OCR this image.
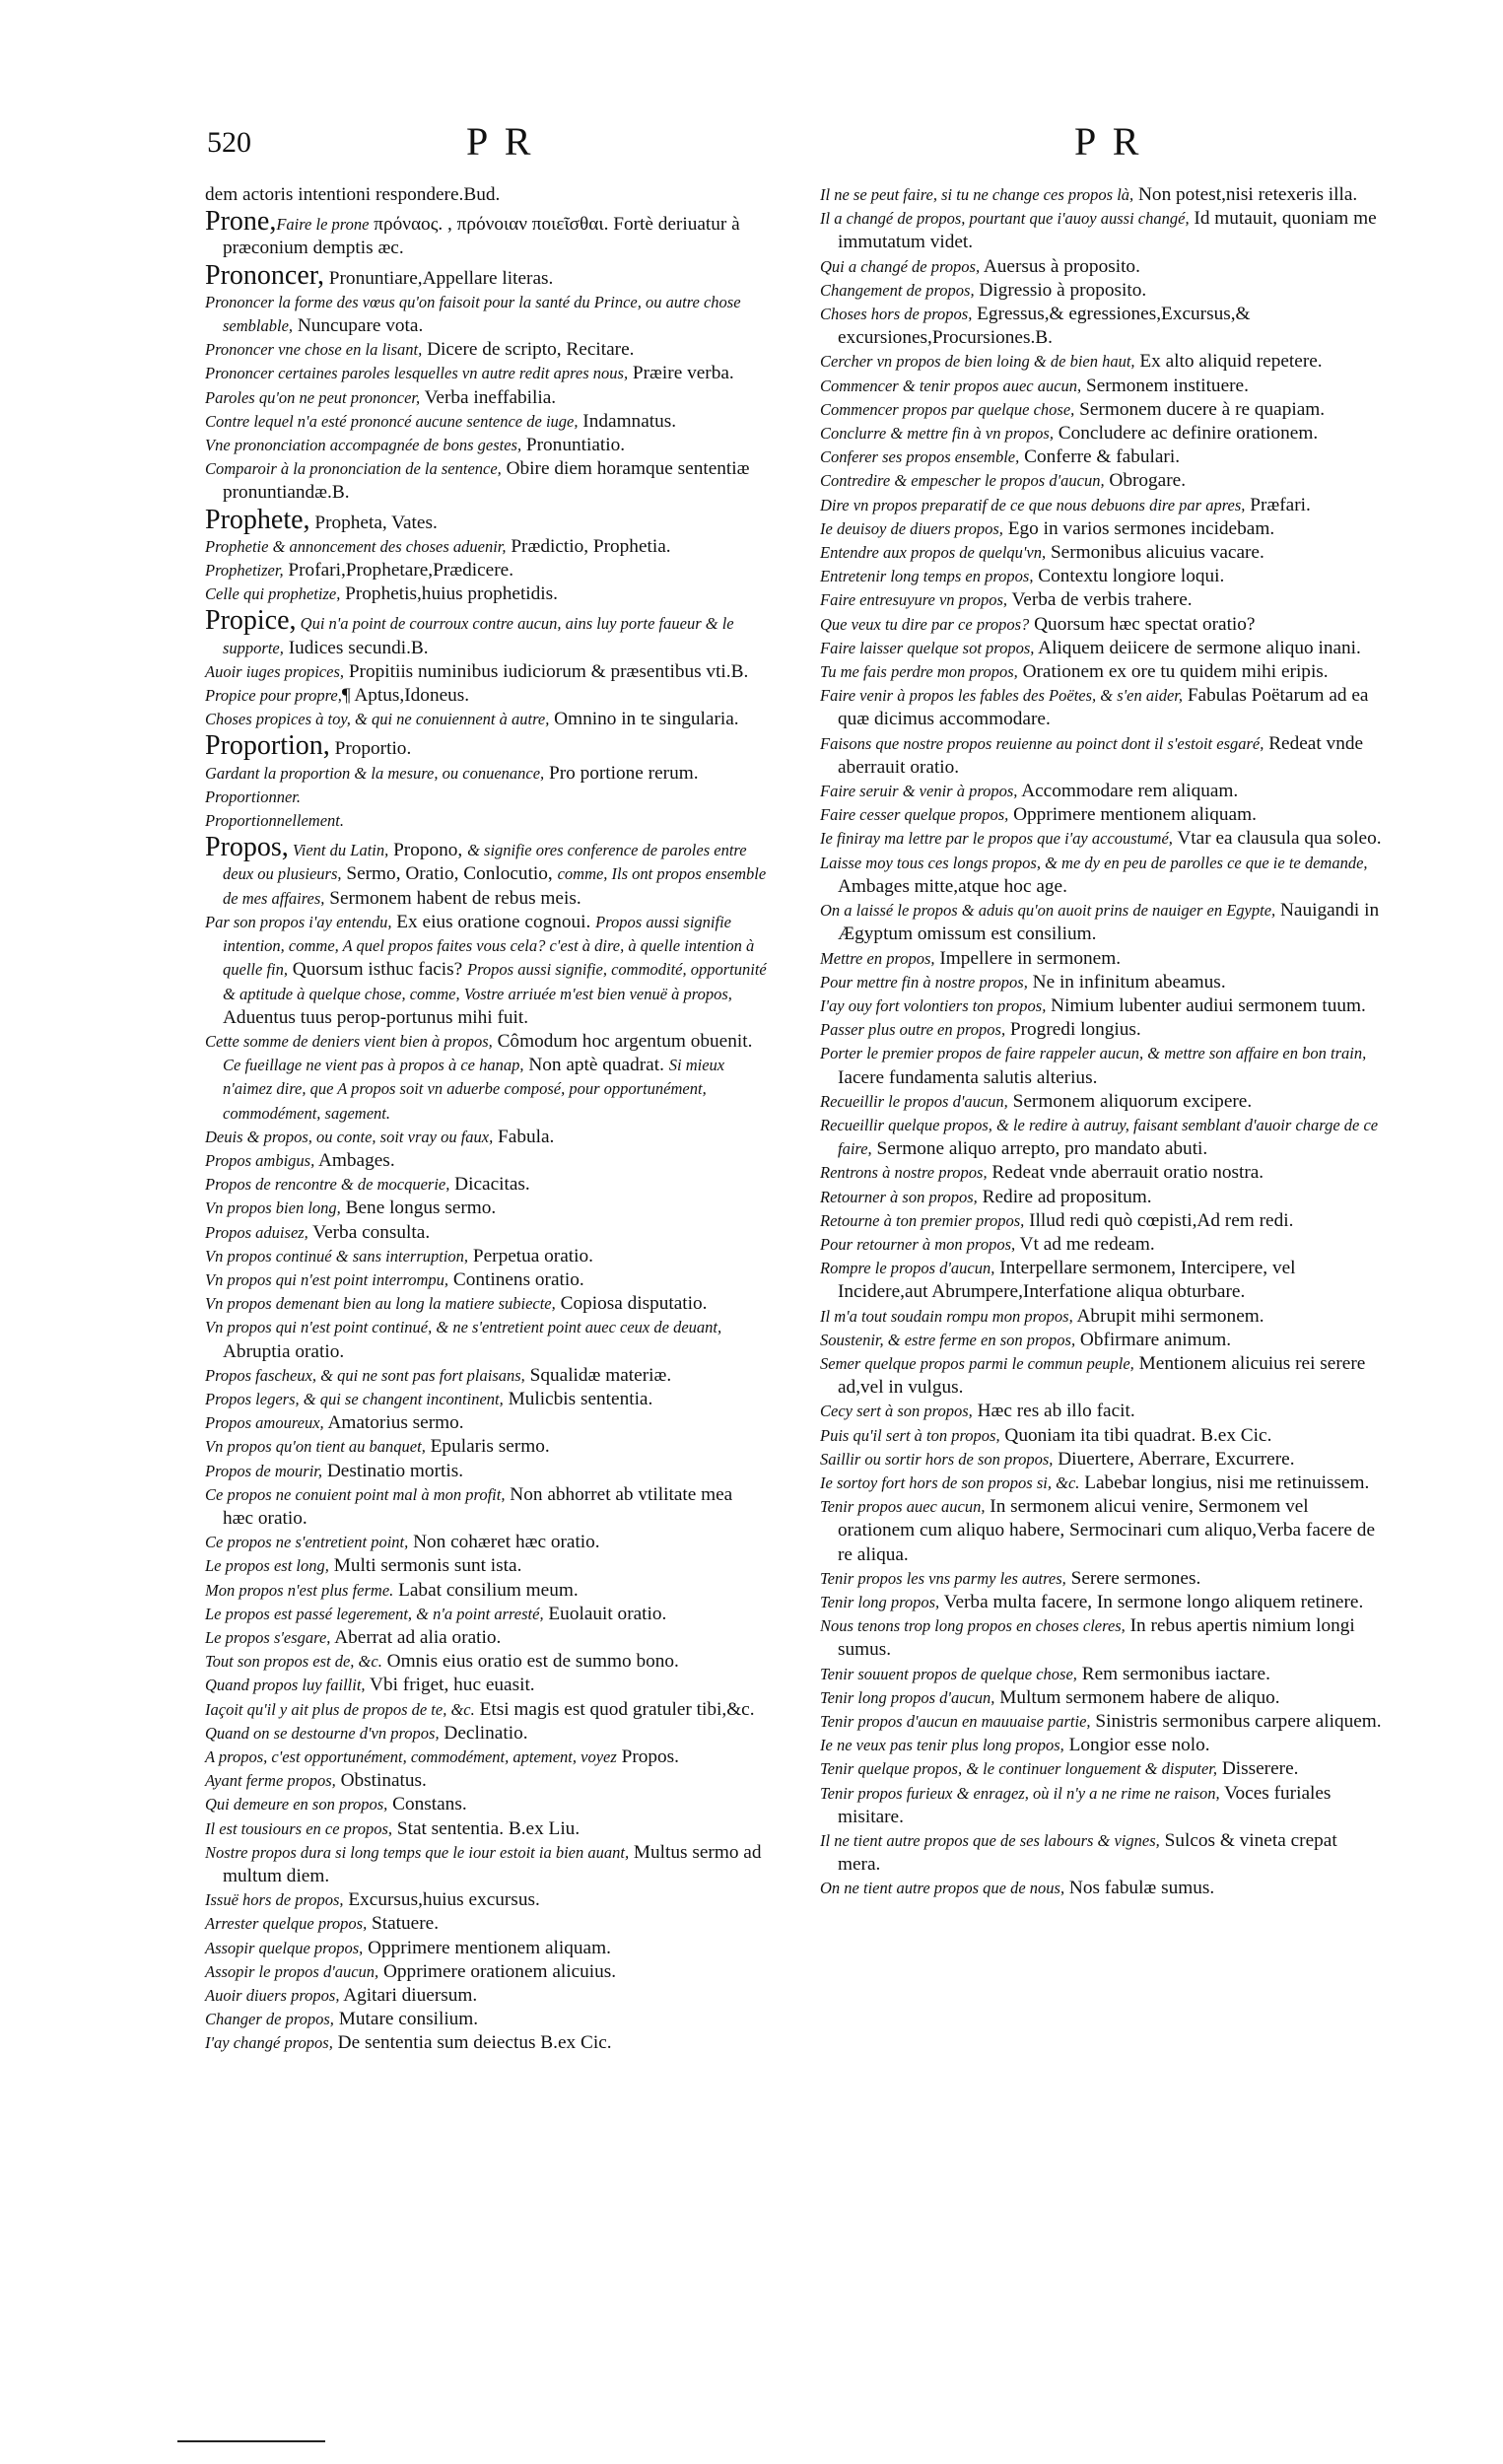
520	P R	P R
dem actoris intentioni respondere.Bud.
Prone,Faire le prone πρόναος. , πρόνοιαν ποιεῖσθαι. Fortè deriuatur à præconium demptis æc.
Prononcer, Pronuntiare,Appellare literas.
Prononcer la forme des vœus qu'on faisoit pour la santé du Prince, ou autre chose semblable, Nuncupare vota.
Prononcer vne chose en la lisant, Dicere de scripto, Recitare.
Prononcer certaines paroles lesquelles vn autre redit apres nous, Præire verba.
Paroles qu'on ne peut prononcer, Verba ineffabilia.
Contre lequel n'a esté prononcé aucune sentence de iuge, Indamnatus.
Vne prononciation accompagnée de bons gestes, Pronuntiatio.
Comparoir à la prononciation de la sentence, Obire diem horamque sententiæ pronuntiandæ.B.
Prophete, Propheta, Vates.
Prophetie & annoncement des choses aduenir, Prædictio, Prophetia.
Prophetizer, Profari,Prophetare,Prædicere.
Celle qui prophetize, Prophetis,huius prophetidis.
Propice, Qui n'a point de courroux contre aucun, ains luy porte faueur & le supporte, Iudices secundi.B.
Auoir iuges propices, Propitiis numinibus iudiciorum & præsentibus vti.B.
Propice pour propre,¶ Aptus,Idoneus.
Choses propices à toy, & qui ne conuiennent à autre, Omnino in te singularia.
Proportion, Proportio.
Gardant la proportion & la mesure, ou conuenance, Pro portione rerum.
Proportionner.
Proportionnellement.
Propos, Vient du Latin, Propono, & signifie ores conference de paroles entre deux ou plusieurs, Sermo, Oratio, Conlocutio, comme, Ils ont propos ensemble de mes affaires, Sermonem habent de rebus meis.
Par son propos i'ay entendu, Ex eius oratione cognoui. Propos aussi signifie intention, comme, A quel propos faites vous cela? c'est à dire, à quelle intention à quelle fin, Quorsum isthuc facis? Propos aussi signifie, commodité, opportunité & aptitude à quelque chose, comme, Vostre arriuée m'est bien venuë à propos, Aduentus tuus perop-portunus mihi fuit.
Cette somme de deniers vient bien à propos, Cômodum hoc argentum obuenit. Ce fueillage ne vient pas à propos à ce hanap, Non aptè quadrat. Si mieux n'aimez dire, que A propos soit vn aduerbe composé, pour opportunément, commodément, sagement.
Deuis & propos, ou conte, soit vray ou faux, Fabula.
Propos ambigus, Ambages.
Propos de rencontre & de mocquerie, Dicacitas.
Vn propos bien long, Bene longus sermo.
Propos aduisez, Verba consulta.
Vn propos continué & sans interruption, Perpetua oratio.
Vn propos qui n'est point interrompu, Continens oratio.
Vn propos demenant bien au long la matiere subiecte, Copiosa disputatio.
Vn propos qui n'est point continué, & ne s'entretient point auec ceux de deuant, Abruptia oratio.
Propos fascheux, & qui ne sont pas fort plaisans, Squalidæ materiæ.
Propos legers, & qui se changent incontinent, Mulicbis sententia.
Propos amoureux, Amatorius sermo.
Vn propos qu'on tient au banquet, Epularis sermo.
Propos de mourir, Destinatio mortis.
Ce propos ne conuient point mal à mon profit, Non abhorret ab vtilitate mea hæc oratio.
Ce propos ne s'entretient point, Non cohæret hæc oratio.
Le propos est long, Multi sermonis sunt ista.
Mon propos n'est plus ferme. Labat consilium meum.
Le propos est passé legerement, & n'a point arresté, Euolauit oratio.
Le propos s'esgare, Aberrat ad alia oratio.
Tout son propos est de, &c. Omnis eius oratio est de summo bono.
Quand propos luy faillit, Vbi friget, huc euasit.
Iaçoit qu'il y ait plus de propos de te, &c. Etsi magis est quod gratuler tibi,&c.
Quand on se destourne d'vn propos, Declinatio.
A propos, c'est opportunément, commodément, aptement, voyez Propos.
Ayant ferme propos, Obstinatus.
Qui demeure en son propos, Constans.
Il est tousiours en ce propos, Stat sententia. B.ex Liu.
Nostre propos dura si long temps que le iour estoit ia bien auant, Multus sermo ad multum diem.
Issuë hors de propos, Excursus,huius excursus.
Arrester quelque propos, Statuere.
Assopir quelque propos, Opprimere mentionem aliquam.
Assopir le propos d'aucun, Opprimere orationem alicuius.
Auoir diuers propos, Agitari diuersum.
Changer de propos, Mutare consilium.
I'ay changé propos, De sententia sum deiectus B.ex Cic.
Il ne se peut faire, si tu ne change ces propos là, Non potest,nisi retexeris illa.
Il a changé de propos, pourtant que i'auoy aussi changé, Id mutauit, quoniam me immutatum videt.
Qui a changé de propos, Auersus à proposito.
Changement de propos, Digressio à proposito.
Choses hors de propos, Egressus,& egressiones,Excursus,& excursiones,Procursiones.B.
Cercher vn propos de bien loing & de bien haut, Ex alto aliquid repetere.
Commencer & tenir propos auec aucun, Sermonem instituere.
Commencer propos par quelque chose, Sermonem ducere à re quapiam.
Conclurre & mettre fin à vn propos, Concludere ac definire orationem.
Conferer ses propos ensemble, Conferre & fabulari.
Contredire & empescher le propos d'aucun, Obrogare.
Dire vn propos preparatif de ce que nous debuons dire par apres, Præfari.
Ie deuisoy de diuers propos, Ego in varios sermones incidebam.
Entendre aux propos de quelqu'vn, Sermonibus alicuius vacare.
Entretenir long temps en propos, Contextu longiore loqui.
Faire entresuyure vn propos, Verba de verbis trahere.
Que veux tu dire par ce propos? Quorsum hæc spectat oratio?
Faire laisser quelque sot propos, Aliquem deiicere de sermone aliquo inani.
Tu me fais perdre mon propos, Orationem ex ore tu quidem mihi eripis.
Faire venir à propos les fables des Poëtes, & s'en aider, Fabulas Poëtarum ad ea quæ dicimus accommodare.
Faisons que nostre propos reuienne au poinct dont il s'estoit esgaré, Redeat vnde aberrauit oratio.
Faire seruir & venir à propos, Accommodare rem aliquam.
Faire cesser quelque propos, Opprimere mentionem aliquam.
Ie finiray ma lettre par le propos que i'ay accoustumé, Vtar ea clausula qua soleo.
Laisse moy tous ces longs propos, & me dy en peu de parolles ce que ie te demande, Ambages mitte,atque hoc age.
On a laissé le propos & aduis qu'on auoit prins de nauiger en Egypte, Nauigandi in Ægyptum omissum est consilium.
Mettre en propos, Impellere in sermonem.
Pour mettre fin à nostre propos, Ne in infinitum abeamus.
I'ay ouy fort volontiers ton propos, Nimium lubenter audiui sermonem tuum.
Passer plus outre en propos, Progredi longius.
Porter le premier propos de faire rappeler aucun, & mettre son affaire en bon train, Iacere fundamenta salutis alterius.
Recueillir le propos d'aucun, Sermonem aliquorum excipere.
Recueillir quelque propos, & le redire à autruy, faisant semblant d'auoir charge de ce faire, Sermone aliquo arrepto, pro mandato abuti.
Rentrons à nostre propos, Redeat vnde aberrauit oratio nostra.
Retourner à son propos, Redire ad propositum.
Retourne à ton premier propos, Illud redi quò cœpisti,Ad rem redi.
Pour retourner à mon propos, Vt ad me redeam.
Rompre le propos d'aucun, Interpellare sermonem, Intercipere, vel Incidere,aut Abrumpere,Interfatione aliqua obturbare.
Il m'a tout soudain rompu mon propos, Abrupit mihi sermonem.
Soustenir, & estre ferme en son propos, Obfirmare animum.
Semer quelque propos parmi le commun peuple, Mentionem alicuius rei serere ad,vel in vulgus.
Cecy sert à son propos, Hæc res ab illo facit.
Puis qu'il sert à ton propos, Quoniam ita tibi quadrat. B.ex Cic.
Saillir ou sortir hors de son propos, Diuertere, Aberrare, Excurrere.
Ie sortoy fort hors de son propos si, &c. Labebar longius, nisi me retinuissem.
Tenir propos auec aucun, In sermonem alicui venire, Sermonem vel orationem cum aliquo habere, Sermocinari cum aliquo,Verba facere de re aliqua.
Tenir propos les vns parmy les autres, Serere sermones.
Tenir long propos, Verba multa facere, In sermone longo aliquem retinere.
Nous tenons trop long propos en choses cleres, In rebus apertis nimium longi sumus.
Tenir souuent propos de quelque chose, Rem sermonibus iactare.
Tenir long propos d'aucun, Multum sermonem habere de aliquo.
Tenir propos d'aucun en mauuaise partie, Sinistris sermonibus carpere aliquem.
Ie ne veux pas tenir plus long propos, Longior esse nolo.
Tenir quelque propos, & le continuer longuement & disputer, Disserere.
Tenir propos furieux & enragez, où il n'y a ne rime ne raison, Voces furiales misitare.
Il ne tient autre propos que de ses labours & vignes, Sulcos & vineta crepat mera.
On ne tient autre propos que de nous, Nos fabulæ sumus.
